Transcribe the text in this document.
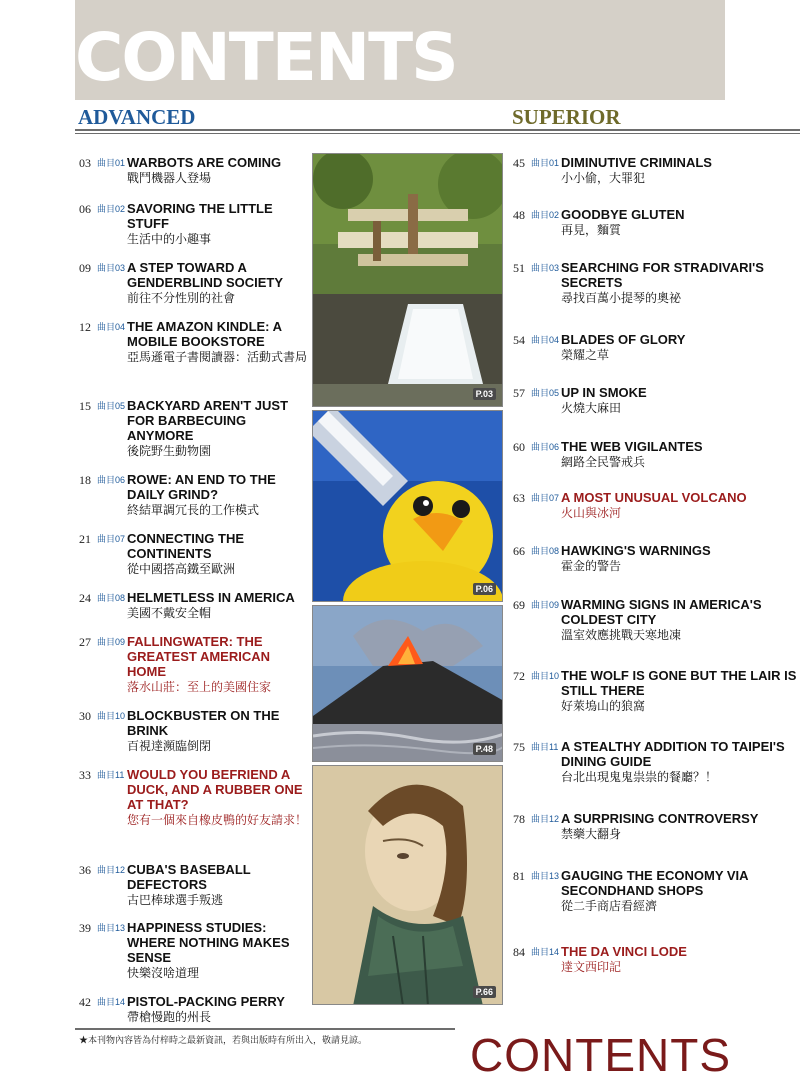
CONTENTS
ADVANCED	SUPERIOR
03 曲目01 WARBOTS ARE COMING
戰鬥機器人登場
06 曲目02 SAVORING THE LITTLE STUFF
生活中的小趣事
09 曲目03 A STEP TOWARD A GENDERBLIND SOCIETY
前往不分性別的社會
12 曲目04 THE AMAZON KINDLE: A MOBILE BOOKSTORE
亞馬遜電子書閱讀器：活動式書局
15 曲目05 BACKYARD AREN'T JUST FOR BARBECUING ANYMORE
後院野生動物園
18 曲目06 ROWE: AN END TO THE DAILY GRIND?
終結單調冗長的工作模式
21 曲目07 CONNECTING THE CONTINENTS
從中國搭高鐵至歐洲
24 曲目08 HELMETLESS IN AMERICA
美國不戴安全帽
27 曲目09 FALLINGWATER: THE GREATEST AMERICAN HOME
落水山莊：至上的美國住家
30 曲目10 BLOCKBUSTER ON THE BRINK
百視達瀕臨倒閉
33 曲目11 WOULD YOU BEFRIEND A DUCK, AND A RUBBER ONE AT THAT?
您有一個來自橡皮鴨的好友請求！
36 曲目12 CUBA'S BASEBALL DEFECTORS
古巴棒球選手叛逃
39 曲目13 HAPPINESS STUDIES: WHERE NOTHING MAKES SENSE
快樂沒啥道理
42 曲目14 PISTOL-PACKING PERRY
帶槍慢跑的州長
45 曲目01 DIMINUTIVE CRIMINALS
小小偷，大罪犯
48 曲目02 GOODBYE GLUTEN
再見，麵質
51 曲目03 SEARCHING FOR STRADIVARI'S SECRETS
尋找百萬小提琴的奧祕
54 曲目04 BLADES OF GLORY
榮耀之草
57 曲目05 UP IN SMOKE
火燒大麻田
60 曲目06 THE WEB VIGILANTES
網路全民警戒兵
63 曲目07 A MOST UNUSUAL VOLCANO
火山與冰河
66 曲目08 HAWKING'S WARNINGS
霍金的警告
69 曲目09 WARMING SIGNS IN AMERICA'S COLDEST CITY
溫室效應挑戰天寒地凍
72 曲目10 THE WOLF IS GONE BUT THE LAIR IS STILL THERE
好萊塢山的狼窩
75 曲目11 A STEALTHY ADDITION TO TAIPEI'S DINING GUIDE
台北出現鬼鬼祟祟的餐廳？！
78 曲目12 A SURPRISING CONTROVERSY
禁藥大翻身
81 曲目13 GAUGING THE ECONOMY VIA SECONDHAND SHOPS
從二手商店看經濟
84 曲目14 THE DA VINCI LODE
達文西印記
P.03
P.06
P.48
P.66
★本刊物內容皆為付梓時之最新資訊，若與出版時有所出入，敬請見諒。 CONTENTS
